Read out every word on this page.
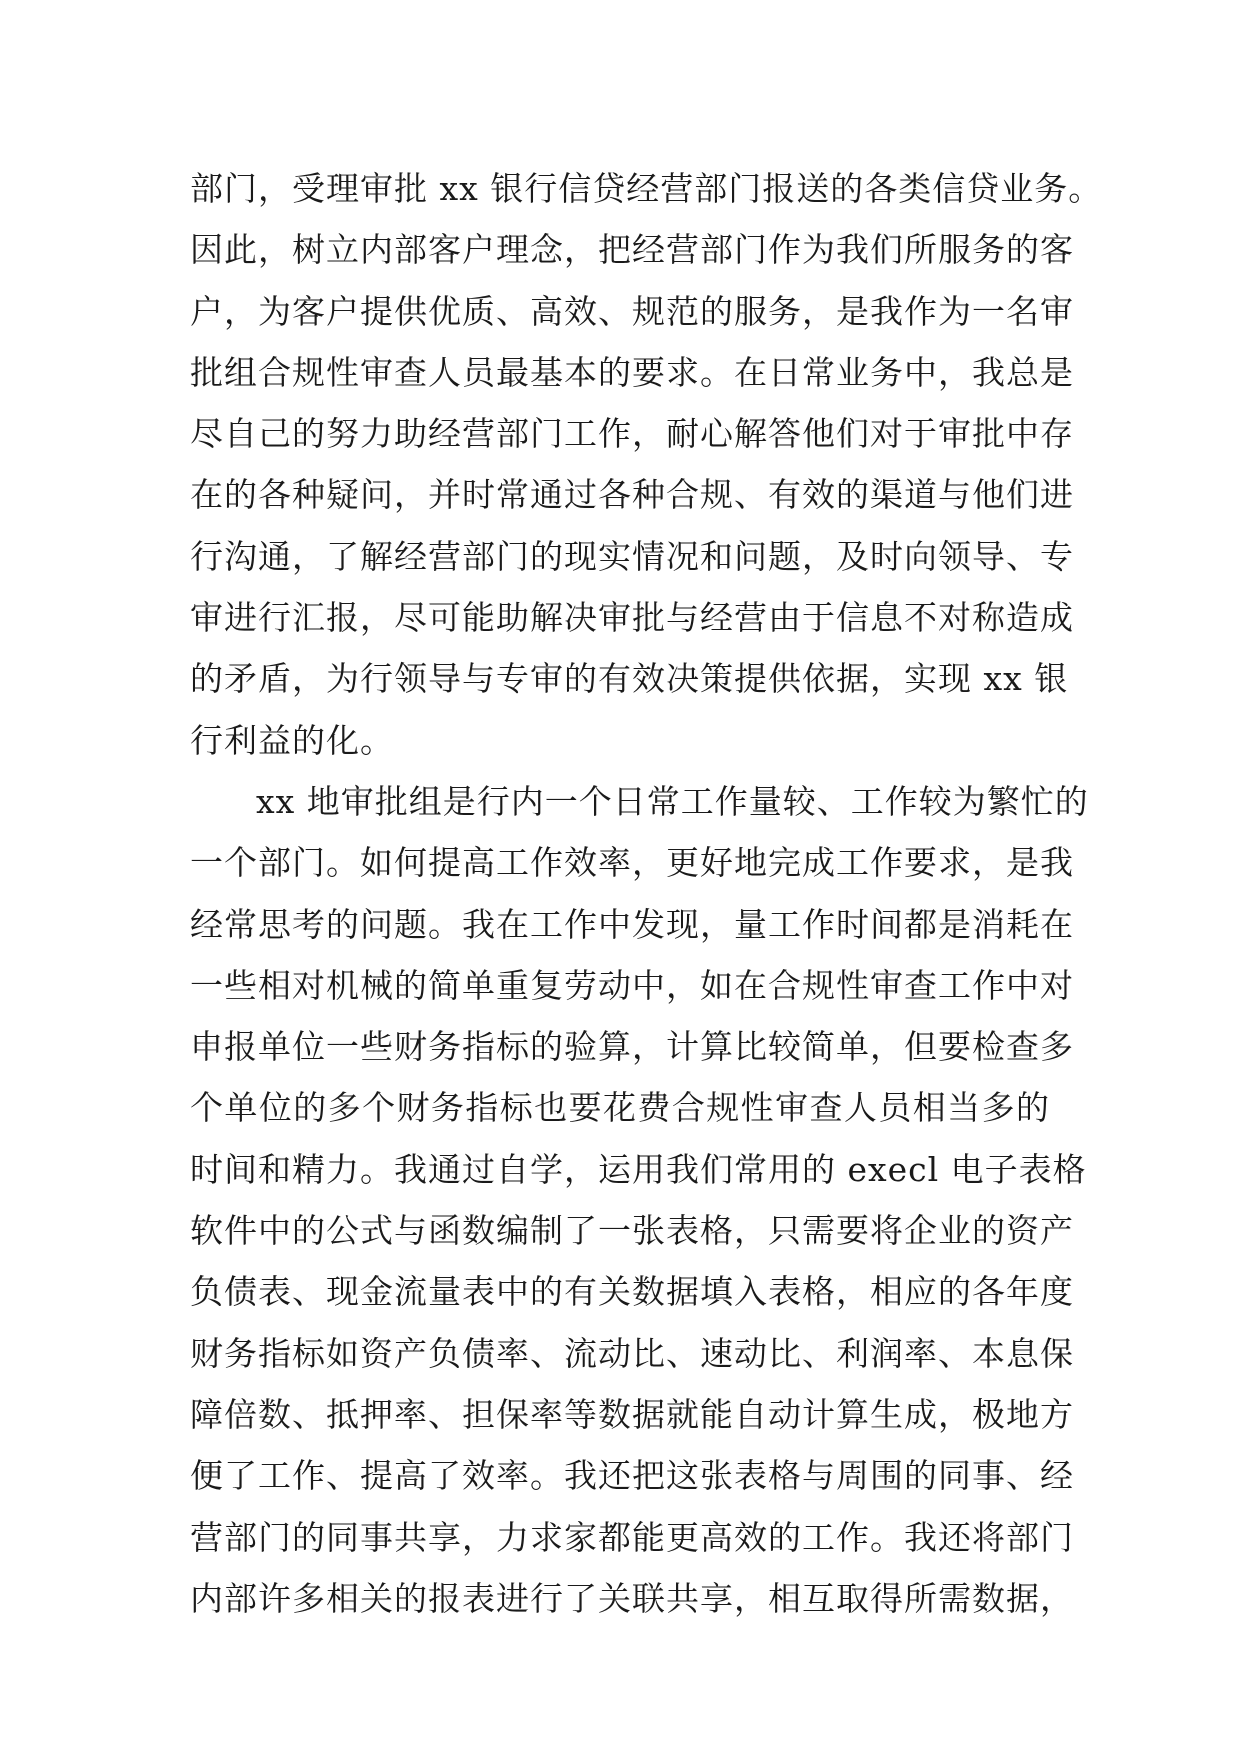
部门，受理审批 xx 银行信贷经营部门报送的各类信贷业务。
因此，树立内部客户理念，把经营部门作为我们所服务的客
户，为客户提供优质、高效、规范的服务，是我作为一名审
批组合规性审查人员最基本的要求。在日常业务中，我总是
尽自己的努力助经营部门工作，耐心解答他们对于审批中存
在的各种疑问，并时常通过各种合规、有效的渠道与他们进
行沟通，了解经营部门的现实情况和问题，及时向领导、专
审进行汇报，尽可能助解决审批与经营由于信息不对称造成
的矛盾，为行领导与专审的有效决策提供依据，实现 xx 银
行利益的化。
xx 地审批组是行内一个日常工作量较、工作较为繁忙的
一个部门。如何提高工作效率，更好地完成工作要求，是我
经常思考的问题。我在工作中发现，量工作时间都是消耗在
一些相对机械的简单重复劳动中，如在合规性审查工作中对
申报单位一些财务指标的验算，计算比较简单，但要检查多
个单位的多个财务指标也要花费合规性审查人员相当多的
时间和精力。我通过自学，运用我们常用的 execl 电子表格
软件中的公式与函数编制了一张表格，只需要将企业的资产
负债表、现金流量表中的有关数据填入表格，相应的各年度
财务指标如资产负债率、流动比、速动比、利润率、本息保
障倍数、抵押率、担保率等数据就能自动计算生成，极地方
便了工作、提高了效率。我还把这张表格与周围的同事、经
营部门的同事共享，力求家都能更高效的工作。我还将部门
内部许多相关的报表进行了关联共享，相互取得所需数据，
